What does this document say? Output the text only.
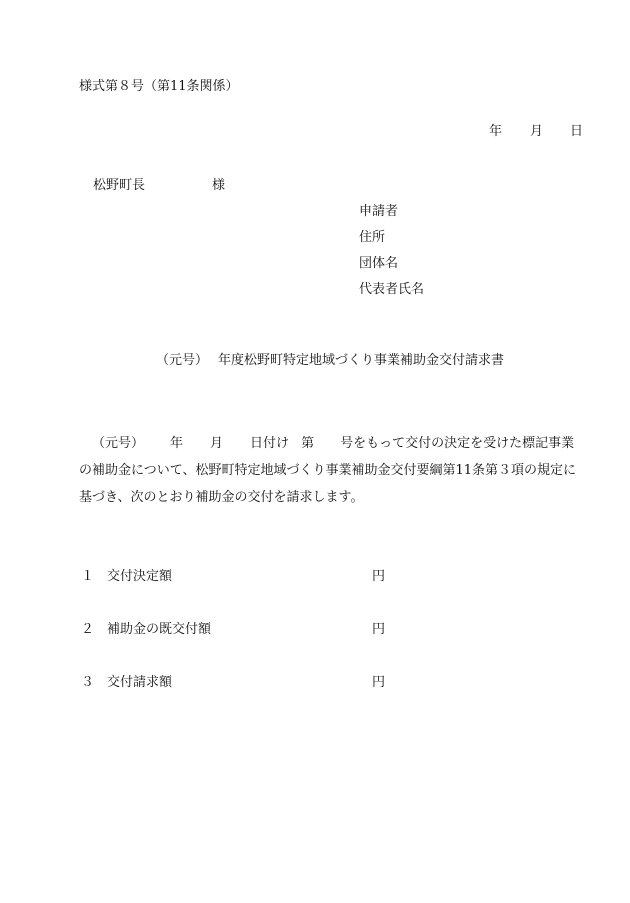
様式第８号（第11条関係）
年 月 日
松野町長	様
申請者
住所
団体名
代表者氏名
（元号） 年度松野町特定地域づくり事業補助金交付請求書
（元号） 年 月 日付け 第 号をもって交付の決定を受けた標記事業
の補助金について、松野町特定地域づくり事業補助金交付要綱第11条第３項の規定に
基づき、次のとおり補助金の交付を請求します。
１ 交付決定額	円
２ 補助金の既交付額	円
３ 交付請求額	円
